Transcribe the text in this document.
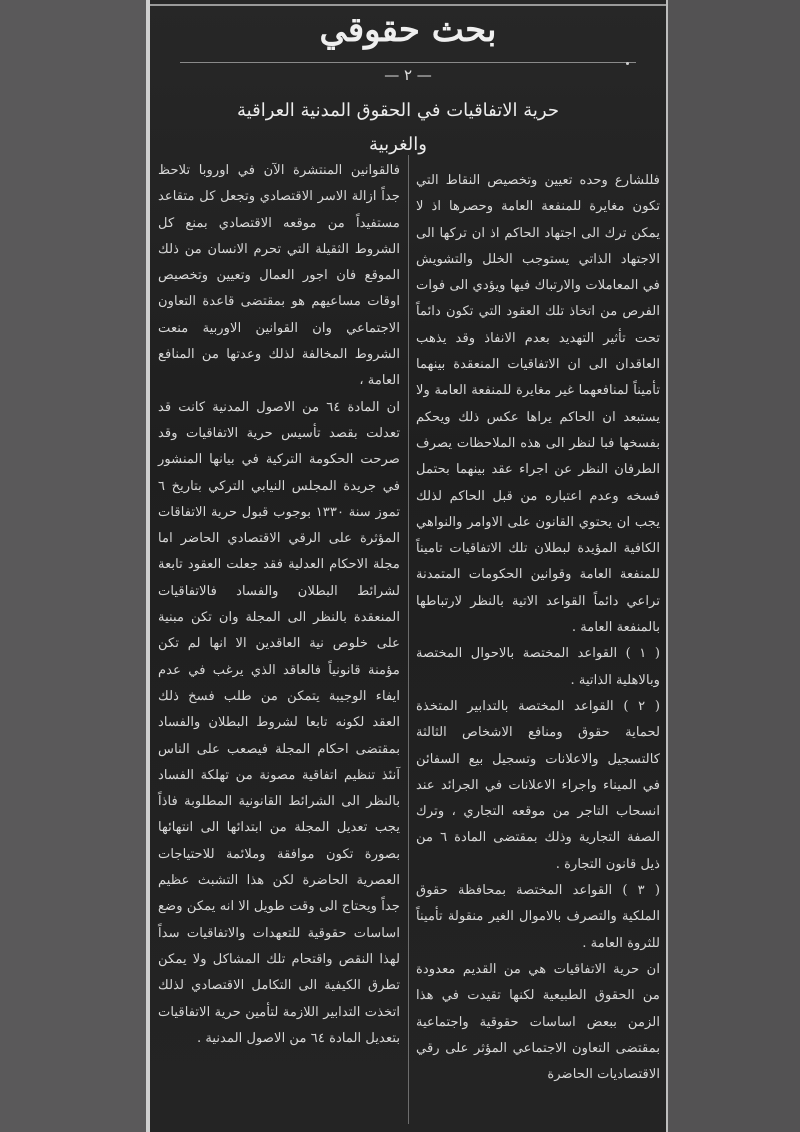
بحث حقوقي
— ٢ —
حرية الاتفاقيات في الحقوق المدنية العراقية والغربية

فللشارع وحده تعيين وتخصيص النقاط التي تكون مغايرة للمنفعة العامة وحصرها اذ لا يمكن ترك الى اجتهاد الحاكم اذ ان تركها الى الاجتهاد الذاتي يستوجب الخلل والتشويش في المعاملات والارتباك فيها ويؤدي الى فوات الفرص من اتخاذ تلك العقود التي تكون دائماً تحت تأثير التهديد بعدم الانفاذ وقد يذهب العاقدان الى ان الاتفاقيات المنعقدة بينهما تأميناً لمنافعهما غير مغايرة للمنفعة العامة ولا يستبعد ان الحاكم يراها عكس ذلك ويحكم بفسخها فبا لنظر الى هذه الملاحظات يصرف الطرفان النظر عن اجراء عقد بينهما بحتمل فسخه وعدم اعتباره من قبل الحاكم لذلك يجب ان يحتوي القانون على الاوامر والنواهي الكافية المؤيدة لبطلان تلك الاتفاقيات تاميناً للمنفعة العامة وقوانين الحكومات المتمدنة تراعي دائماً القواعد الاتية بالنظر لارتباطها بالمنفعة العامة .

( ١ ) القواعد المختصة بالاحوال المختصة وبالاهلية الذاتية .

( ٢ ) القواعد المختصة بالتدابير المتخذة لحماية حقوق ومنافع الاشخاص الثالثة كالتسجيل والاعلانات وتسجيل بيع السفائن في الميناء واجراء الاعلانات في الجرائد عند انسحاب التاجر من موقعه التجاري ، وترك الصفة التجارية وذلك بمقتضى المادة ٦ من ذيل قانون التجارة .

( ٣ ) القواعد المختصة بمحافظة حقوق الملكية والتصرف بالاموال الغير منقولة تأميناً للثروة العامة .

ان حرية الاتفاقيات هي من القديم معدودة من الحقوق الطبيعية لكنها تقيدت في هذا الزمن ببعض اساسات حقوقية واجتماعية بمقتضى التعاون الاجتماعي المؤثر على رقي الاقتصاديات الحاضرة

فالقوانين المنتشرة الآن في اوروبا تلاحظ جداً ازالة الاسر الاقتصادي وتجعل كل متقاعد مستفيداً من موقعه الاقتصادي بمنع كل الشروط الثقيلة التي تحرم الانسان من ذلك الموقع فان اجور العمال وتعيين وتخصيص اوقات مساعيهم هو بمقتضى قاعدة التعاون الاجتماعي وان القوانين الاوربية منعت الشروط المخالفة لذلك وعدتها من المنافع العامة ،

ان المادة ٦٤ من الاصول المدنية كانت قد تعدلت بقصد تأسيس حرية الاتفاقيات وقد صرحت الحكومة التركية في بيانها المنشور في جريدة المجلس النيابي التركي بتاريخ ٦ تموز سنة ١٣٣٠ بوجوب قبول حرية الاتفاقات المؤثرة على الرقي الاقتصادي الحاضر اما مجلة الاحكام العدلية فقد جعلت العقود تابعة لشرائط البطلان والفساد فالاتفاقيات المنعقدة بالنظر الى المجلة وان تكن مبنية على خلوص نية العاقدين الا انها لم تكن مؤمنة قانونياً فالعاقد الذي يرغب في عدم ايفاء الوجيبة يتمكن من طلب فسخ ذلك العقد لكونه تابعا لشروط البطلان والفساد بمقتضى احكام المجلة فيصعب على الناس آنئذ تنظيم اتفاقية مصونة من تهلكة الفساد بالنظر الى الشرائط القانونية المطلوبة فاذاً يجب تعديل المجلة من ابتدائها الى انتهائها بصورة تكون موافقة وملائمة للاحتياجات العصرية الحاضرة لكن هذا التشبث عظيم جداً ويحتاج الى وقت طويل الا انه يمكن وضع اساسات حقوقية للتعهدات والاتفاقيات سداً لهذا النقص واقتحام تلك المشاكل ولا يمكن تطرق الكيفية الى التكامل الاقتصادي لذلك اتخذت التدابير اللازمة لتأمين حرية الاتفاقيات بتعديل المادة ٦٤ من الاصول المدنية .
